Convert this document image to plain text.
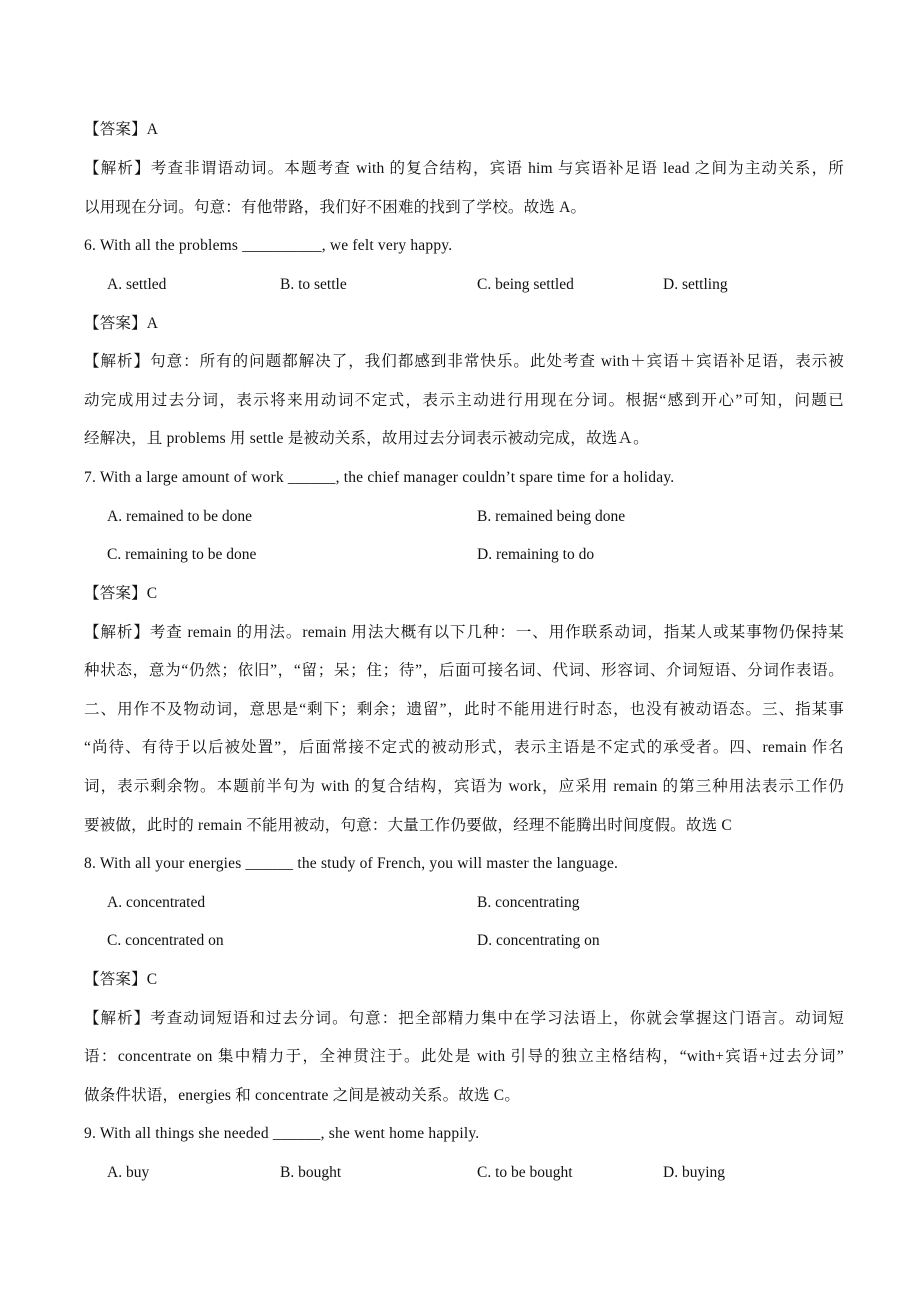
【答案】A
【解析】考查非谓语动词。本题考查 with 的复合结构，宾语 him 与宾语补足语 lead 之间为主动关系，所
以用现在分词。句意：有他带路，我们好不困难的找到了学校。故选 A。
6. With all the problems __________, we felt very happy.
A. settled	B. to settle	C. being settled	D. settling
【答案】A
【解析】句意：所有的问题都解决了，我们都感到非常快乐。此处考查 with＋宾语＋宾语补足语，表示被
动完成用过去分词，表示将来用动词不定式，表示主动进行用现在分词。根据“感到开心”可知，问题已
经解决，且 problems 用 settle 是被动关系，故用过去分词表示被动完成，故选Ａ。
7. With a large amount of work ______, the chief manager couldn’t spare time for a holiday.
A. remained to be done	B. remained being done
C. remaining to be done	D. remaining to do
【答案】C
【解析】考查 remain 的用法。remain 用法大概有以下几种：一、用作联系动词，指某人或某事物仍保持某
种状态，意为“仍然；依旧”，“留；呆；住；待”，后面可接名词、代词、形容词、介词短语、分词作表语。
二、用作不及物动词，意思是“剩下；剩余；遗留”，此时不能用进行时态，也没有被动语态。三、指某事
“尚待、有待于以后被处置”，后面常接不定式的被动形式，表示主语是不定式的承受者。四、remain 作名
词，表示剩余物。本题前半句为 with 的复合结构，宾语为 work，应采用 remain 的第三种用法表示工作仍
要被做，此时的 remain 不能用被动，句意：大量工作仍要做，经理不能腾出时间度假。故选 C
8. With all your energies ______ the study of French, you will master the language.
A. concentrated	B. concentrating
C. concentrated on	D. concentrating on
【答案】C
【解析】考查动词短语和过去分词。句意：把全部精力集中在学习法语上，你就会掌握这门语言。动词短
语：concentrate on 集中精力于，全神贯注于。此处是 with 引导的独立主格结构，“with+宾语+过去分词”
做条件状语，energies 和 concentrate 之间是被动关系。故选 C。
9. With all things she needed ______, she went home happily.
A. buy	B. bought	C. to be bought	D. buying
